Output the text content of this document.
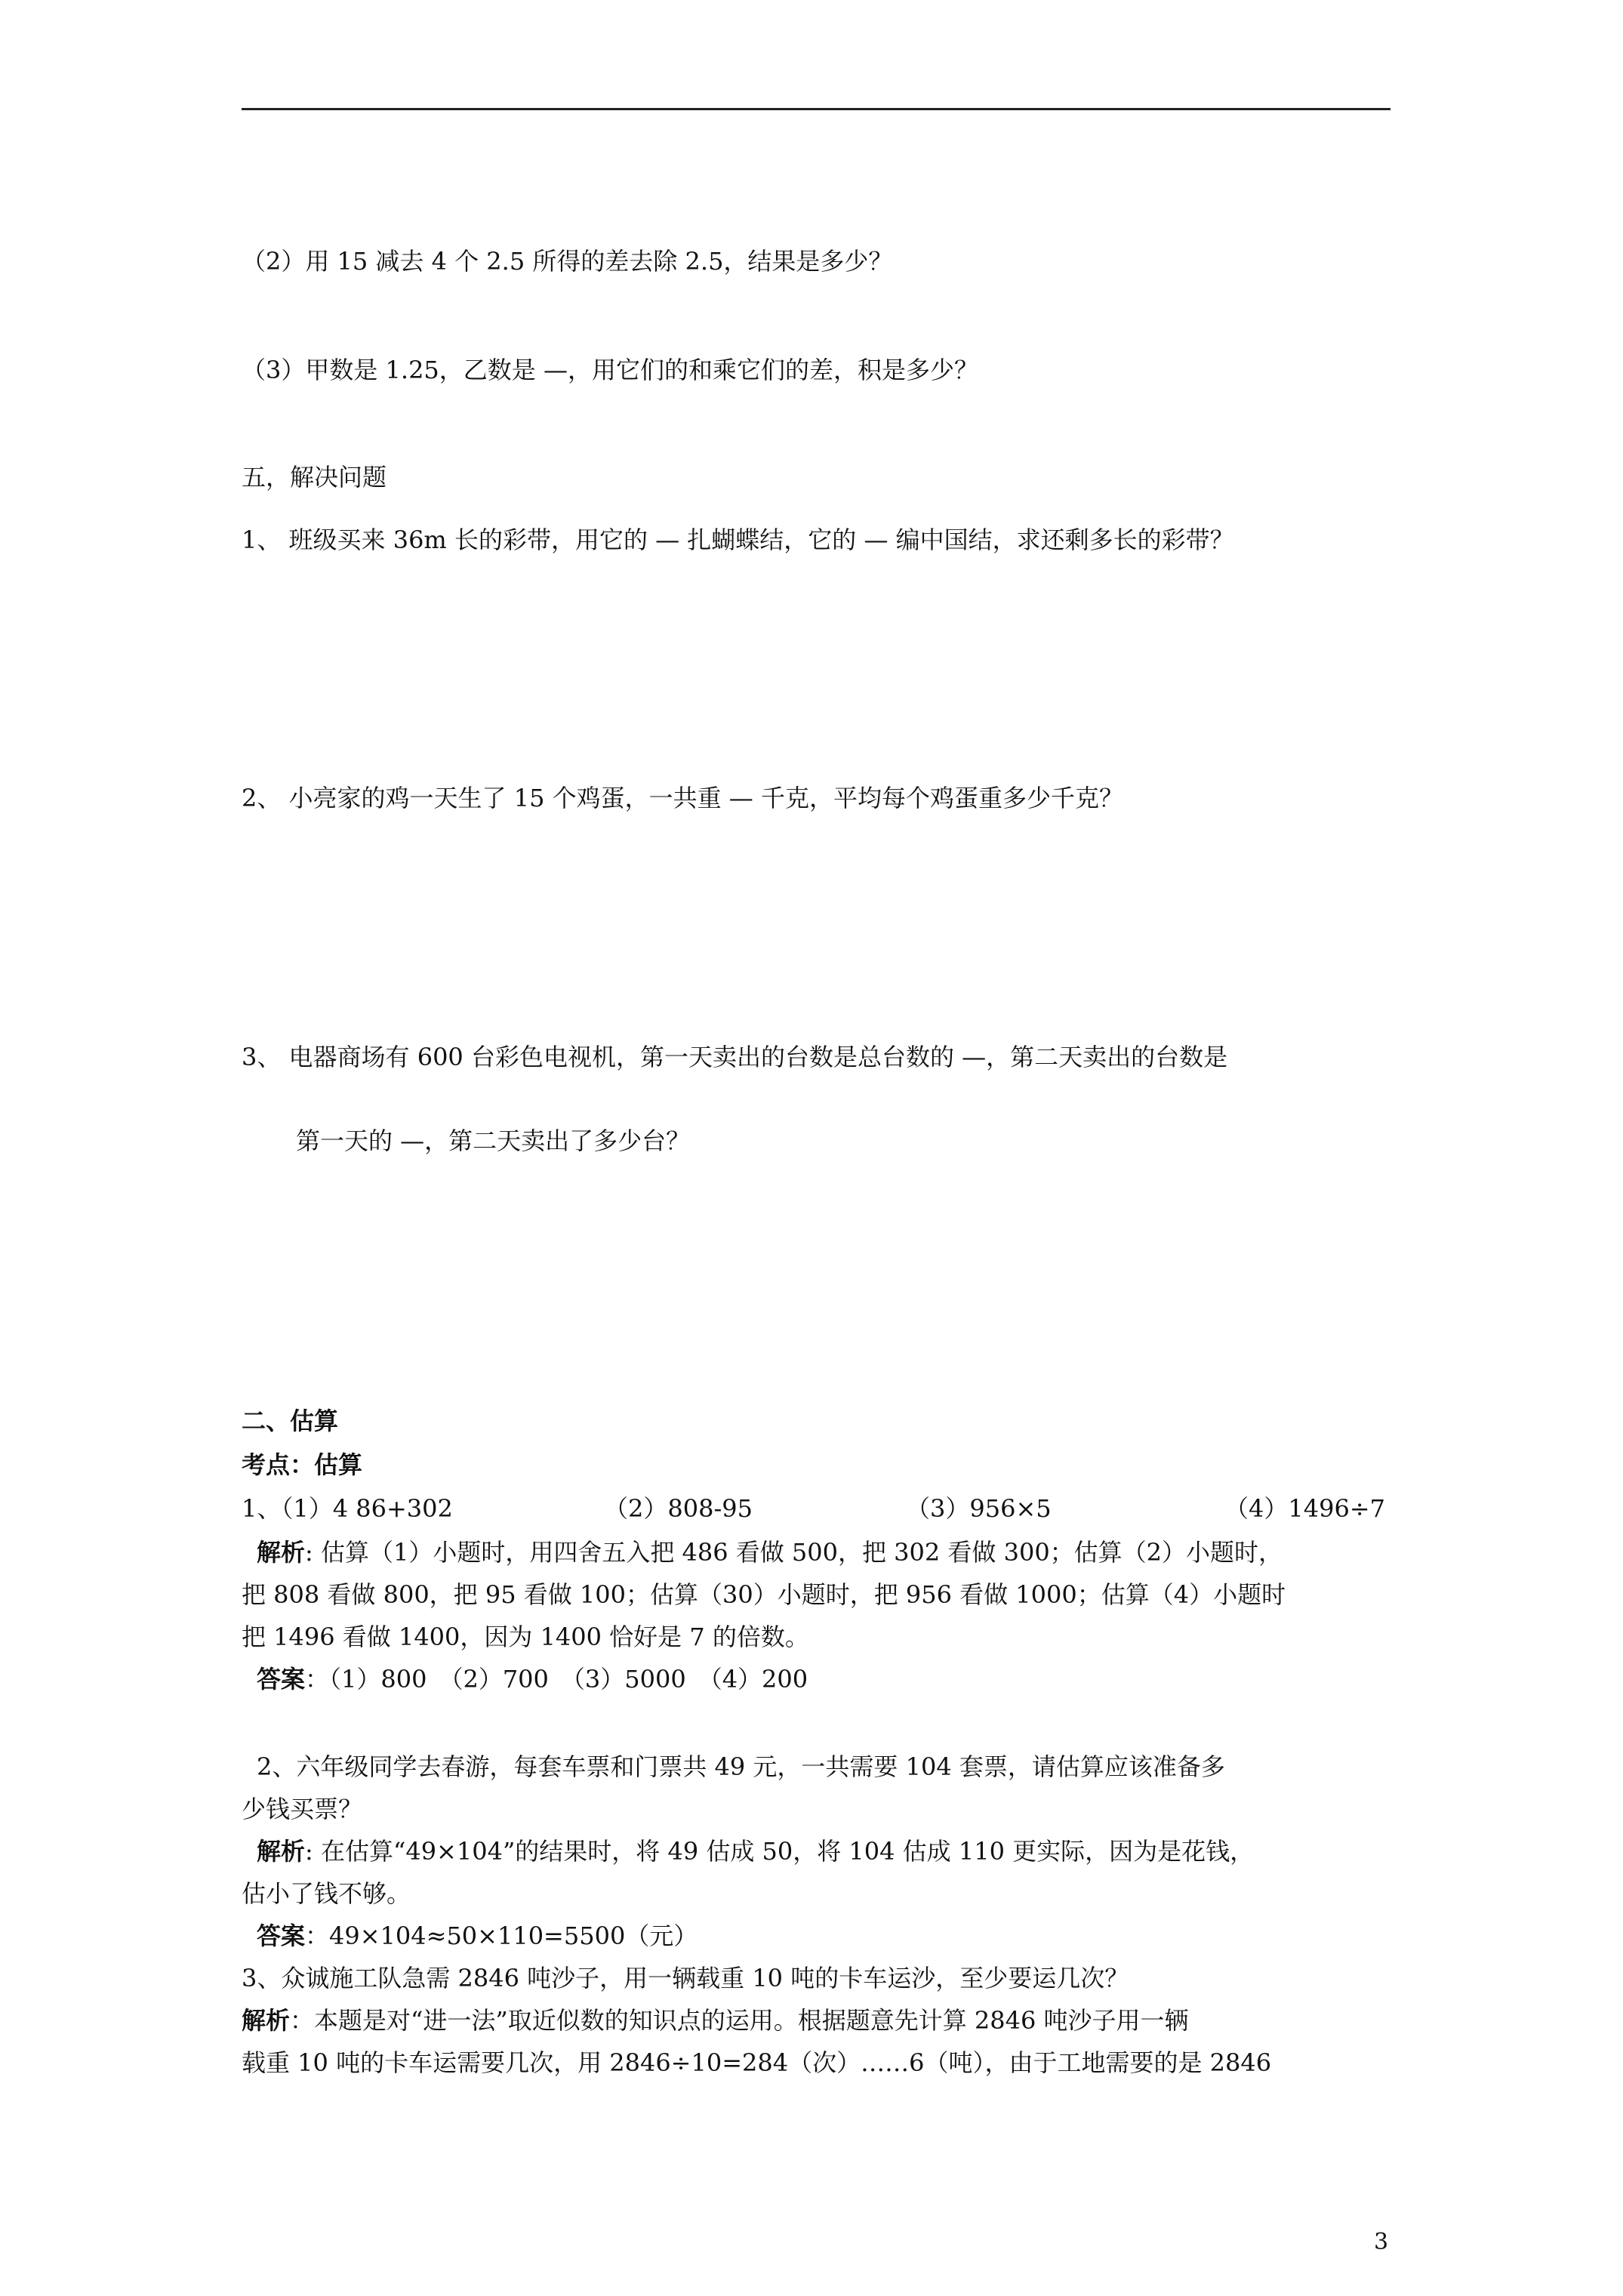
（2）用 15 减去 4 个 2.5 所得的差去除 2.5，结果是多少？
（3）甲数是 1.25，乙数是 —，用它们的和乘它们的差，积是多少？
五，解决问题
1、 班级买来 36m 长的彩带，用它的 — 扎蝴蝶结，它的 — 编中国结，求还剩多长的彩带？
2、 小亮家的鸡一天生了 15 个鸡蛋，一共重 — 千克，平均每个鸡蛋重多少千克？
3、 电器商场有 600 台彩色电视机，第一天卖出的台数是总台数的 —，第二天卖出的台数是
第一天的 —，第二天卖出了多少台？
二、估算
考点：估算
1、（1）4 86+302	（2）808-95	（3）956×5	（4）1496÷7
解析: 估算（1）小题时，用四舍五入把 486 看做 500，把 302 看做 300；估算（2）小题时，
把 808 看做 800，把 95 看做 100；估算（30）小题时，把 956 看做 1000；估算（4）小题时
把 1496 看做 1400，因为 1400 恰好是 7 的倍数。
答案：（1）800　（2）700　（3）5000　（4）200
2、六年级同学去春游，每套车票和门票共 49 元，一共需要 104 套票，请估算应该准备多
少钱买票？
解析: 在估算“49×104”的结果时，将 49 估成 50，将 104 估成 110 更实际，因为是花钱，
估小了钱不够。
答案：49×104≈50×110=5500（元）
3、众诚施工队急需 2846 吨沙子，用一辆载重 10 吨的卡车运沙，至少要运几次？
解析：本题是对“进一法”取近似数的知识点的运用。根据题意先计算 2846 吨沙子用一辆
载重 10 吨的卡车运需要几次，用 2846÷10=284（次）……6（吨），由于工地需要的是 2846
3
